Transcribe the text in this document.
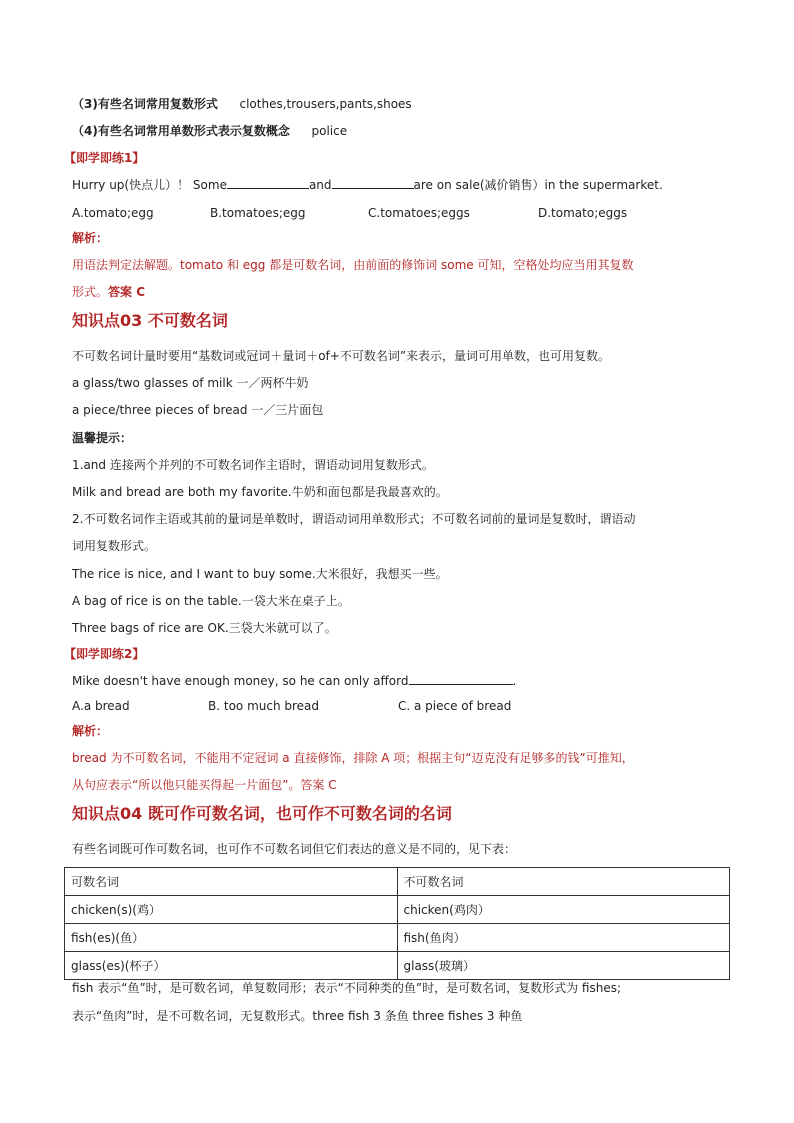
（3)有些名词常用复数形式 clothes,trousers,pants,shoes
（4)有些名词常用单数形式表示复数概念 police
【即学即练1】
Hurry up(快点儿）！ Some	and	are on sale(减价销售）in the supermarket.
A.tomato;egg	B.tomatoes;egg	C.tomatoes;eggs	D.tomato;eggs
解析：
用语法判定法解题。tomato 和 egg 都是可数名词，由前面的修饰词 some 可知，空格处均应当用其复数
形式。答案 C
知识点03 不可数名词
不可数名词计量时要用“基数词或冠词＋量词＋of+不可数名词”来表示，量词可用单数，也可用复数。
a glass/two glasses of milk 一／两杯牛奶
a piece/three pieces of bread 一／三片面包
温馨提示：
1.and 连接两个并列的不可数名词作主语时，谓语动词用复数形式。
Milk and bread are both my favorite.牛奶和面包都是我最喜欢的。
2.不可数名词作主语或其前的量词是单数时，谓语动词用单数形式；不可数名词前的量词是复数时，谓语动
词用复数形式。
The rice is nice, and I want to buy some.大米很好，我想买一些。
A bag of rice is on the table.一袋大米在桌子上。
Three bags of rice are OK.三袋大米就可以了。
【即学即练2】
Mike doesn't have enough money, so he can only afford	.
A.a bread	B. too much bread	C. a piece of bread
解析：
bread 为不可数名词，不能用不定冠词 a 直接修饰，排除 A 项；根据主句“迈克没有足够多的钱”可推知，
从句应表示“所以他只能买得起一片面包”。答案 C
知识点04 既可作可数名词，也可作不可数名词的名词
有些名词既可作可数名词，也可作不可数名词但它们表达的意义是不同的，见下表：
可数名词	不可数名词
chicken(s)(鸡）	chicken(鸡肉）
fish(es)(鱼）	fish(鱼肉）
glass(es)(杯子）	glass(玻璃）
fish 表示“鱼”时，是可数名词，单复数同形；表示“不同种类的鱼”时，是可数名词，复数形式为 fishes;
表示“鱼肉”时，是不可数名词，无复数形式。three fish 3 条鱼 three fishes 3 种鱼
